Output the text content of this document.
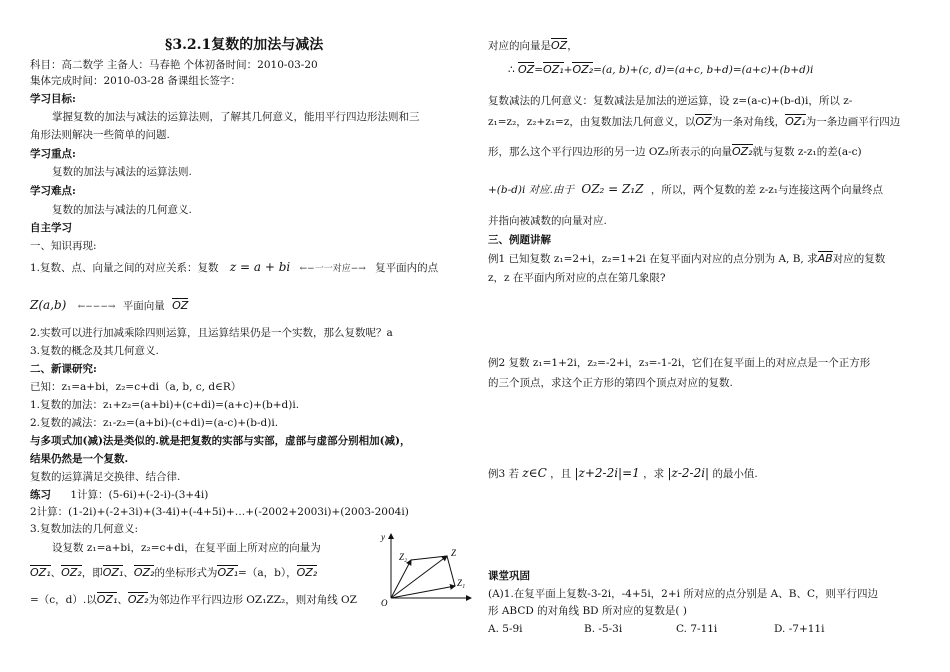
§3.2.1复数的加法与减法
科目：高二数学 主备人：马春艳 个体初备时间：2010-03-20
集体完成时间：2010-03-28 备课组长签字：
学习目标:
掌握复数的加法与减法的运算法则，了解其几何意义，能用平行四边形法则和三
角形法则解决一些简单的问题.
学习重点:
复数的加法与减法的运算法则.
学习难点:
复数的加法与减法的几何意义.
自主学习
一、知识再现:
1.复数、点、向量之间的对应关系：复数 z = a + bi ←−一一对应−→ 复平面内的点
Z(a,b) ←−−−→ 平面向量 OZ
2.实数可以进行加减乘除四则运算，且运算结果仍是一个实数，那么复数呢？a
3.复数的概念及其几何意义.
二、新课研究:
已知：z₁=a+bi，z₂=c+di（a, b, c, d∈R）
1.复数的加法：z₁+z₂=(a+bi)+(c+di)=(a+c)+(b+d)i.
2.复数的减法：z₁-z₂=(a+bi)-(c+di)=(a-c)+(b-d)i.
与多项式加(减)法是类似的.就是把复数的实部与实部，虚部与虚部分别相加(减)，
结果仍然是一个复数.
复数的运算满足交换律、结合律.
练习 1计算：(5-6i)+(-2-i)-(3+4i)
2计算：(1-2i)+(-2+3i)+(3-4i)+(-4+5i)+…+(-2002+2003i)+(2003-2004i)
3.复数加法的几何意义:
设复数 z₁=a+bi，z₂=c+di，在复平面上所对应的向量为
OZ₁、OZ₂，即OZ₁、OZ₂的坐标形式为OZ₁=（a，b），OZ₂
=（c，d）.以OZ₁、OZ₂为邻边作平行四边形 OZ₁ZZ₂，则对角线 OZ
y
O
Z
Z₁
Z₂
对应的向量是OZ，
∴ OZ=OZ₁+OZ₂=(a, b)+(c, d)=(a+c, b+d)=(a+c)+(b+d)i
复数减法的几何意义：复数减法是加法的逆运算，设 z=(a-c)+(b-d)i，所以 z-
z₁=z₂，z₂+z₁=z，由复数加法几何意义，以OZ为一条对角线，OZ₁为一条边画平行四边
形，那么这个平行四边形的另一边 OZ₂所表示的向量OZ₂就与复数 z-z₁的差(a-c)
+(b-d)i 对应.由于 OZ₂ = Z₁Z ，所以，两个复数的差 z-z₁与连接这两个向量终点
并指向被减数的向量对应.
三、例题讲解
例1 已知复数 z₁=2+i，z₂=1+2i 在复平面内对应的点分别为 A, B, 求AB对应的复数
z，z 在平面内所对应的点在第几象限?
例2 复数 z₁=1+2i，z₂=-2+i，z₃=-1-2i，它们在复平面上的对应点是一个正方形
的三个顶点，求这个正方形的第四个顶点对应的复数.
例3 若 z∈C ，且 |z+2-2i|=1 ，求 |z-2-2i| 的最小值.
课堂巩固
(A)1.在复平面上复数-3-2i，-4+5i，2+i 所对应的点分别是 A、B、C，则平行四边
形 ABCD 的对角线 BD 所对应的复数是( )
A. 5-9i	B. -5-3i	C. 7-11i	D. -7+11i
